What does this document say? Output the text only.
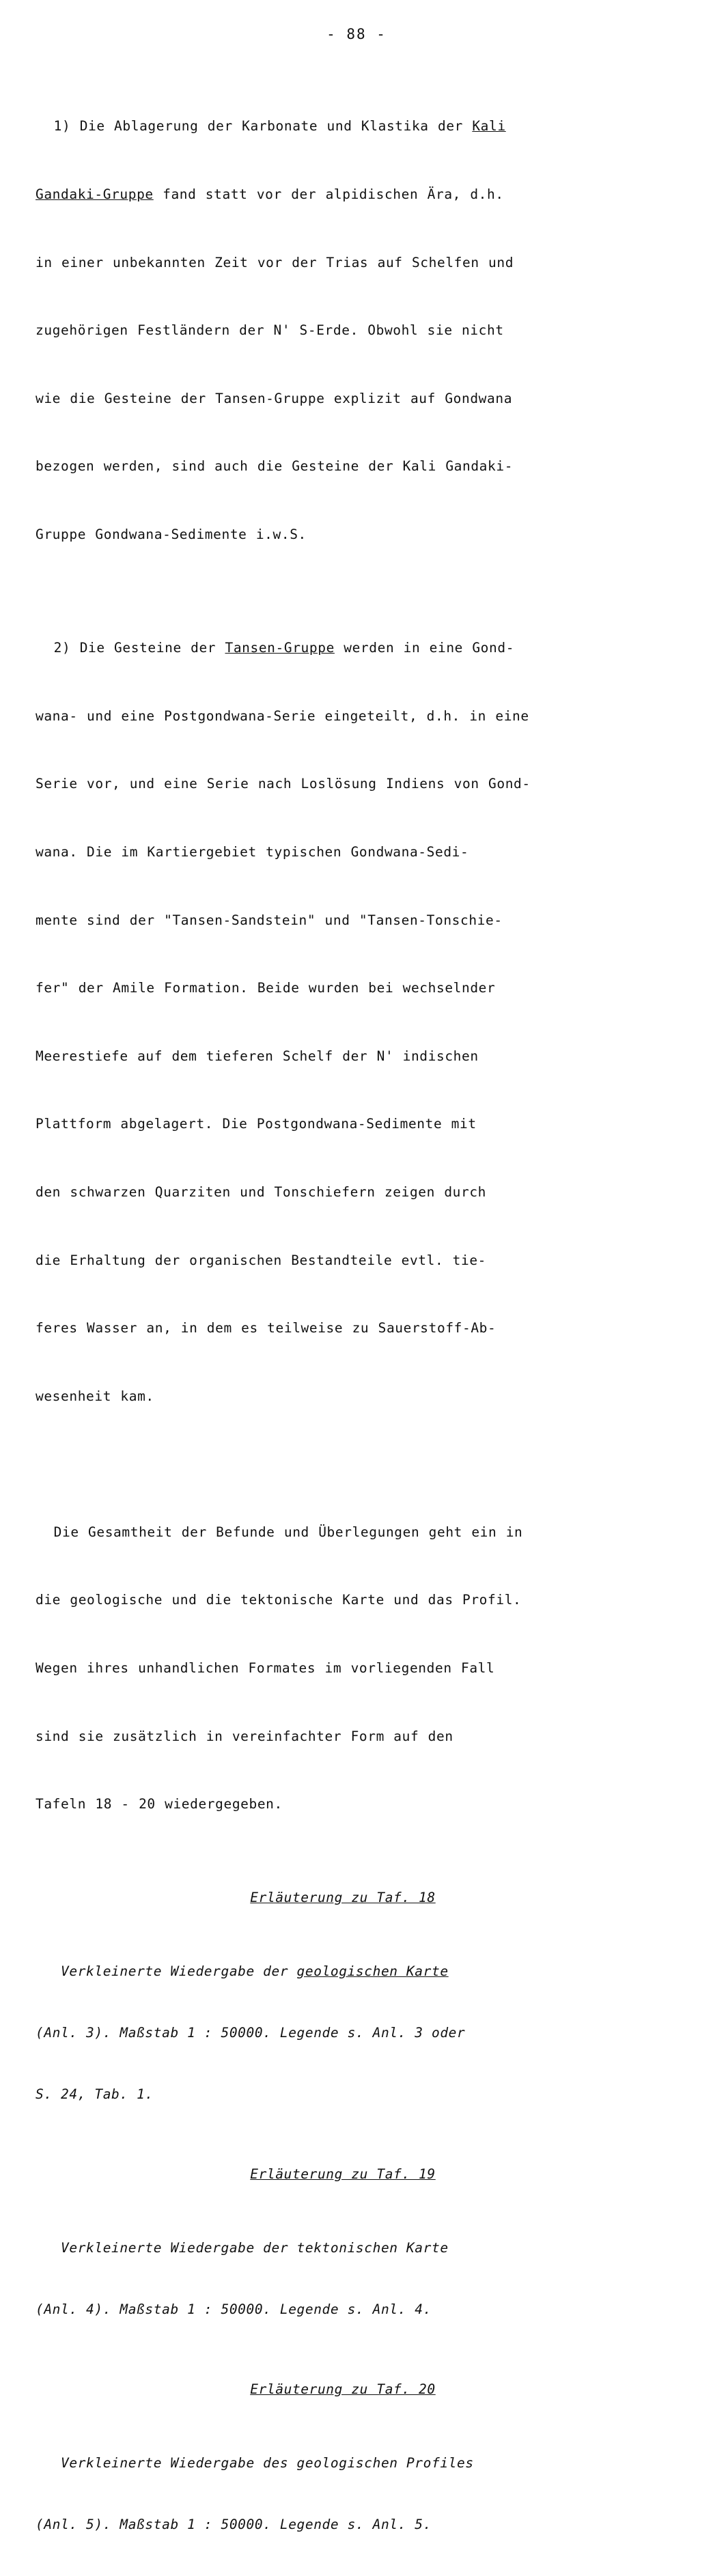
- 88 -

1) Die Ablagerung der Karbonate und Klastika der Kali

Gandaki-Gruppe fand statt vor der alpidischen Ära, d.h.

in einer unbekannten Zeit vor der Trias auf Schelfen und

zugehörigen Festländern der N' S-Erde. Obwohl sie nicht

wie die Gesteine der Tansen-Gruppe explizit auf Gondwana

bezogen werden, sind auch die Gesteine der Kali Gandaki-

Gruppe Gondwana-Sedimente i.w.S.

2) Die Gesteine der Tansen-Gruppe werden in eine Gond-

wana- und eine Postgondwana-Serie eingeteilt, d.h. in eine

Serie vor, und eine Serie nach Loslösung Indiens von Gond-

wana. Die im Kartiergebiet typischen Gondwana-Sedi-

mente sind der "Tansen-Sandstein" und "Tansen-Tonschie-

fer" der Amile Formation. Beide wurden bei wechselnder

Meerestiefe auf dem tieferen Schelf der N' indischen

Plattform abgelagert. Die Postgondwana-Sedimente mit

den schwarzen Quarziten und Tonschiefern zeigen durch

die Erhaltung der organischen Bestandteile evtl. tie-

feres Wasser an, in dem es teilweise zu Sauerstoff-Ab-

wesenheit kam.

Die Gesamtheit der Befunde und Überlegungen geht ein in

die geologische und die tektonische Karte und das Profil.

Wegen ihres unhandlichen Formates im vorliegenden Fall

sind sie zusätzlich in vereinfachter Form auf den

Tafeln 18 - 20 wiedergegeben.

Erläuterung zu Taf. 18

Verkleinerte Wiedergabe der geologischen Karte

(Anl. 3). Maßstab 1 : 50000. Legende s. Anl. 3 oder

S. 24, Tab. 1.

Erläuterung zu Taf. 19

Verkleinerte Wiedergabe der tektonischen Karte

(Anl. 4). Maßstab 1 : 50000. Legende s. Anl. 4.

Erläuterung zu Taf. 20

Verkleinerte Wiedergabe des geologischen Profiles

(Anl. 5). Maßstab 1 : 50000. Legende s. Anl. 5.
